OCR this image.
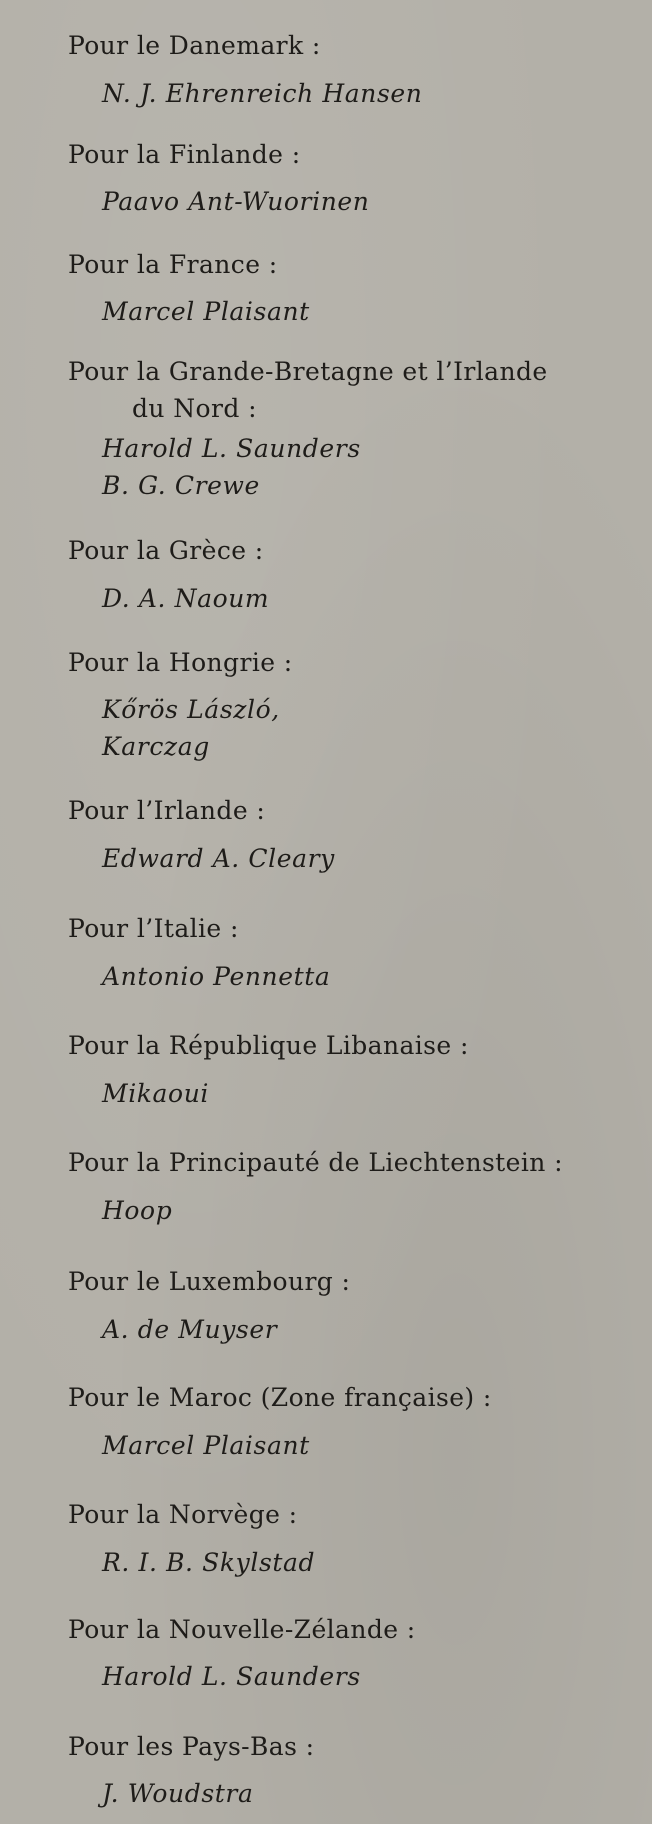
Pour le Danemark :
N. J. Ehrenreich Hansen
Pour la Finlande :
Paavo Ant-Wuorinen
Pour la France :
Marcel Plaisant
Pour la Grande-Bretagne et l’Irlande
du Nord :
Harold L. Saunders
B. G. Crewe
Pour la Grèce :
D. A. Naoum
Pour la Hongrie :
Kőrös László,
Karczag
Pour l’Irlande :
Edward A. Cleary
Pour l’Italie :
Antonio Pennetta
Pour la République Libanaise :
Mikaoui
Pour la Principauté de Liechtenstein :
Hoop
Pour le Luxembourg :
A. de Muyser
Pour le Maroc (Zone française) :
Marcel Plaisant
Pour la Norvège :
R. I. B. Skylstad
Pour la Nouvelle-Zélande :
Harold L. Saunders
Pour les Pays-Bas :
J. Woudstra
